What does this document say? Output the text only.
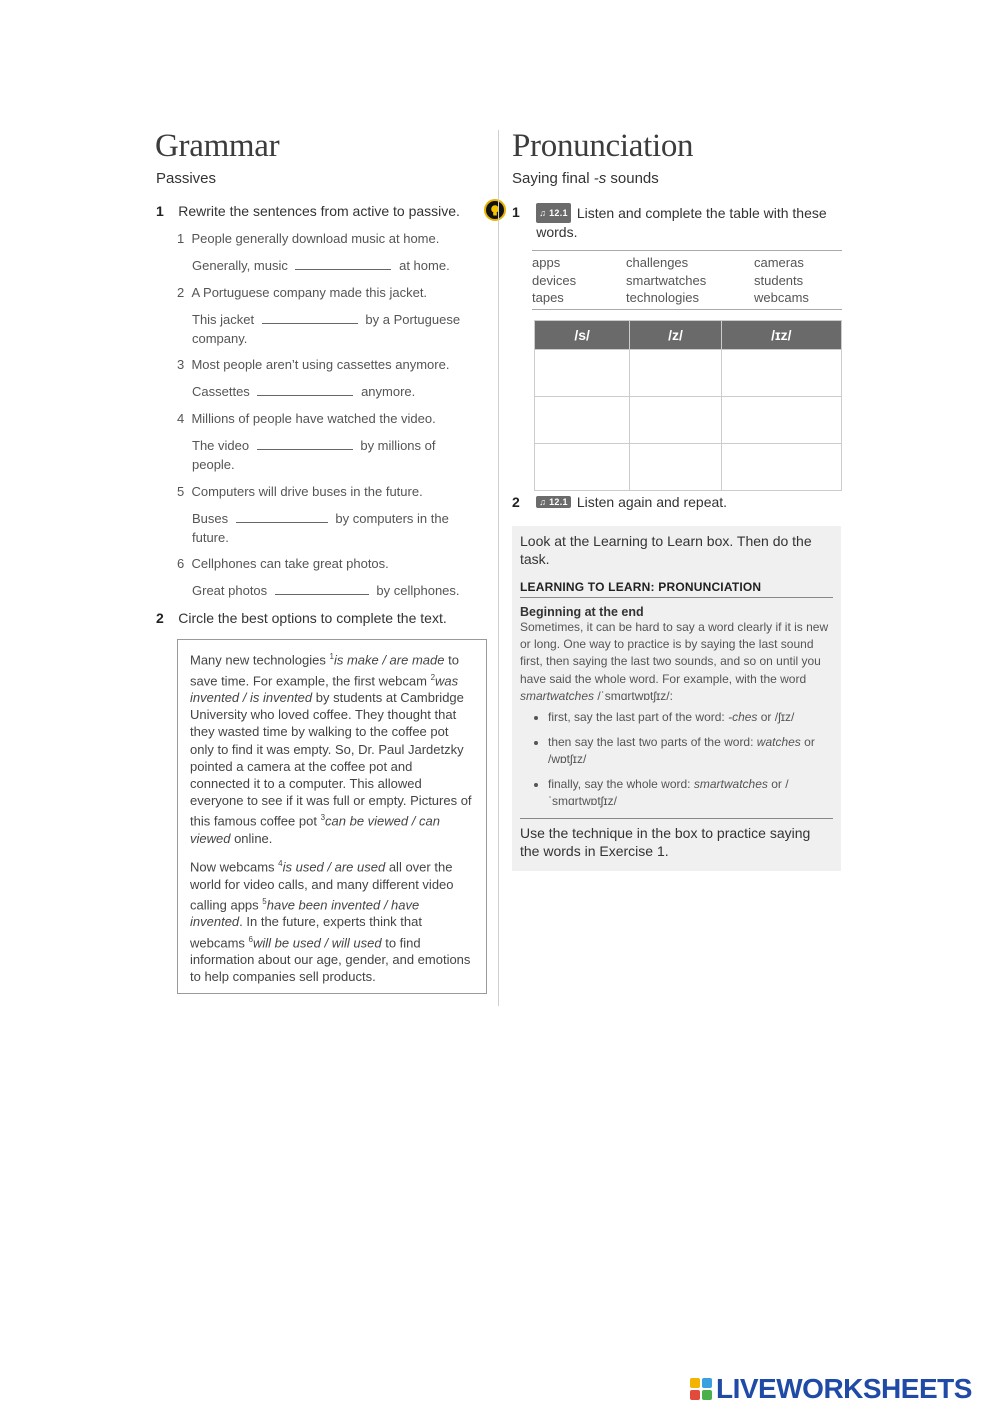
Grammar
Passives
1 Rewrite the sentences from active to passive.
1 People generally download music at home.
Generally, music	at home.
2 A Portuguese company made this jacket.
This jacket	by a Portuguese
company.
3 Most people aren’t using cassettes anymore.
Cassettes	anymore.
4 Millions of people have watched the video.
The video	by millions of
people.
5 Computers will drive buses in the future.
Buses	by computers in the
future.
6 Cellphones can take great photos.
Great photos	by cellphones.
2 Circle the best options to complete the text.

Many new technologies $^1$is make / are made to save time. For example, the first webcam $^2$was invented / is invented by students at Cambridge University who loved coffee. They thought that they wasted time by walking to the coffee pot only to find it was empty. So, Dr. Paul Jardetzky pointed a camera at the coffee pot and connected it to a computer. This allowed everyone to see if it was full or empty. Pictures of this famous coffee pot $^3$can be viewed / can viewed online.

Now webcams $^4$is used / are used all over the world for video calls, and many different video calling apps $^5$have been invented / have invented. In the future, experts think that webcams $^6$will be used / will used to find information about our age, gender, and emotions to help companies sell products.

Pronunciation
Saying final -s sounds
1 ♫ 12.1 Listen and complete the table with these words.
apps	challenges	cameras
devices	smartwatches	students
tapes	technologies	webcams
/s/	/z/	/ɪz/

2 ♫ 12.1 Listen again and repeat.
Look at the Learning to Learn box. Then do the task.
LEARNING TO LEARN: PRONUNCIATION
Beginning at the end
Sometimes, it can be hard to say a word clearly if it is new or long. One way to practice is by saying the last sound first, then saying the last two sounds, and so on until you have said the whole word. For example, with the word smartwatches /ˈsmɑrtwɒtʃɪz/:
• first, say the last part of the word: -ches or /ʃɪz/
• then say the last two parts of the word: watches or /wɒtʃɪz/
• finally, say the whole word: smartwatches or /ˈsmɑrtwɒtʃɪz/
Use the technique in the box to practice saying the words in Exercise 1.
LIVEWORKSHEETS
